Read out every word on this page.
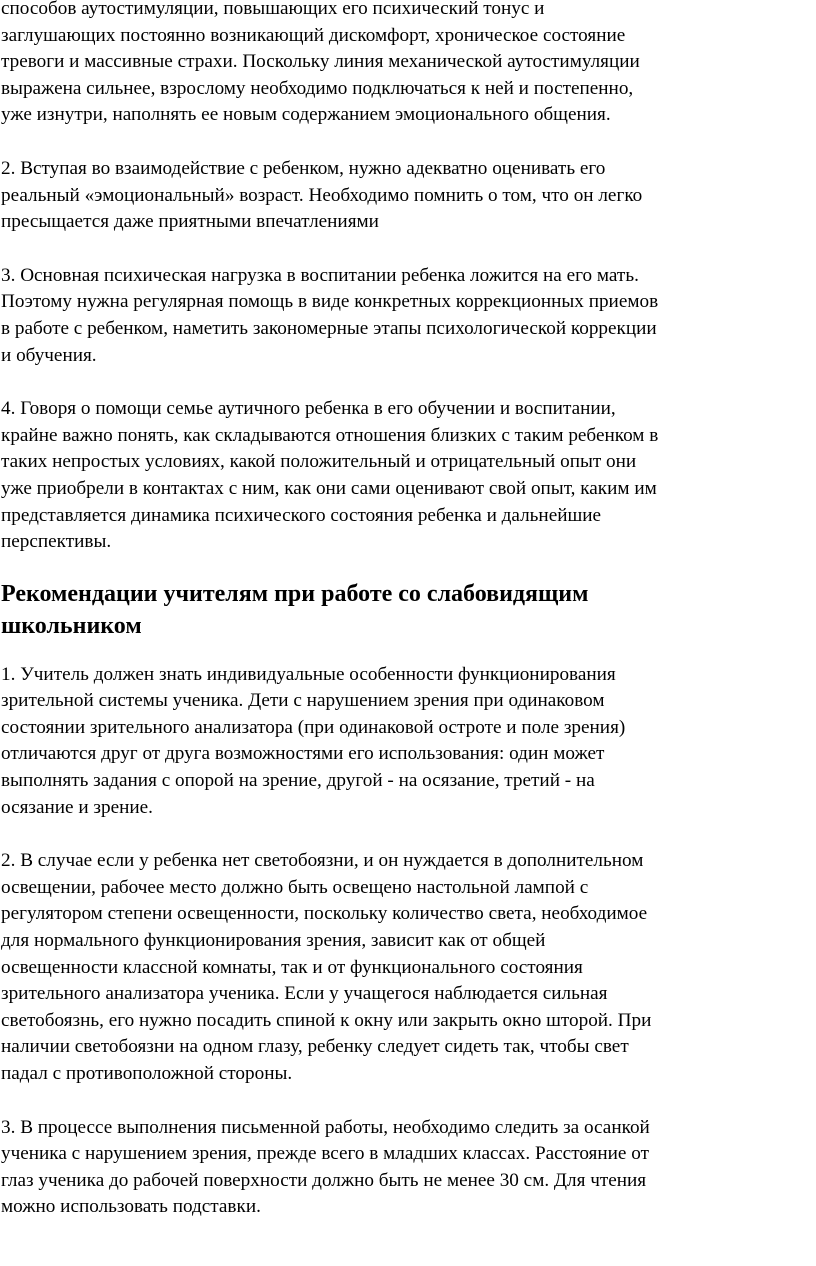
способов аутостимуляции, повышающих его психический тонус и
заглушающих постоянно возникающий дискомфорт, хроническое состояние
тревоги и массивные страхи. Поскольку линия механической аутостимуляции
выражена сильнее, взрослому необходимо подключаться к ней и постепенно,
уже изнутри, наполнять ее новым содержанием эмоционального общения.

2. Вступая во взаимодействие с ребенком, нужно адекватно оценивать его
реальный «эмоциональный» возраст. Необходимо помнить о том, что он легко
пресыщается даже приятными впечатлениями

3. Основная психическая нагрузка в воспитании ребенка ложится на его мать.
Поэтому нужна регулярная помощь в виде конкретных коррекционных приемов
в работе с ребенком, наметить закономерные этапы психологической коррекции
и обучения.

4. Говоря о помощи семье аутичного ребенка в его обучении и воспитании,
крайне важно понять, как складываются отношения близких с таким ребенком в
таких непростых условиях, какой положительный и отрицательный опыт они
уже приобрели в контактах с ним, как они сами оценивают свой опыт, каким им
представляется динамика психического состояния ребенка и дальнейшие
перспективы.

Рекомендации учителям при работе со слабовидящим
школьником

1. Учитель должен знать индивидуальные особенности функционирования
зрительной системы ученика. Дети с нарушением зрения при одинаковом
состоянии зрительного анализатора (при одинаковой остроте и поле зрения)
отличаются друг от друга возможностями его использования: один может
выполнять задания с опорой на зрение, другой - на осязание, третий - на
осязание и зрение.

2. В случае если у ребенка нет светобоязни, и он нуждается в дополнительном
освещении, рабочее место должно быть освещено настольной лампой с
регулятором степени освещенности, поскольку количество света, необходимое
для нормального функционирования зрения, зависит как от общей
освещенности классной комнаты, так и от функционального состояния
зрительного анализатора ученика. Если у учащегося наблюдается сильная
светобоязнь, его нужно посадить спиной к окну или закрыть окно шторой. При
наличии светобоязни на одном глазу, ребенку следует сидеть так, чтобы свет
падал с противоположной стороны.

3. В процессе выполнения письменной работы, необходимо следить за осанкой
ученика с нарушением зрения, прежде всего в младших классах. Расстояние от
глаз ученика до рабочей поверхности должно быть не менее 30 см. Для чтения
можно использовать подставки.
